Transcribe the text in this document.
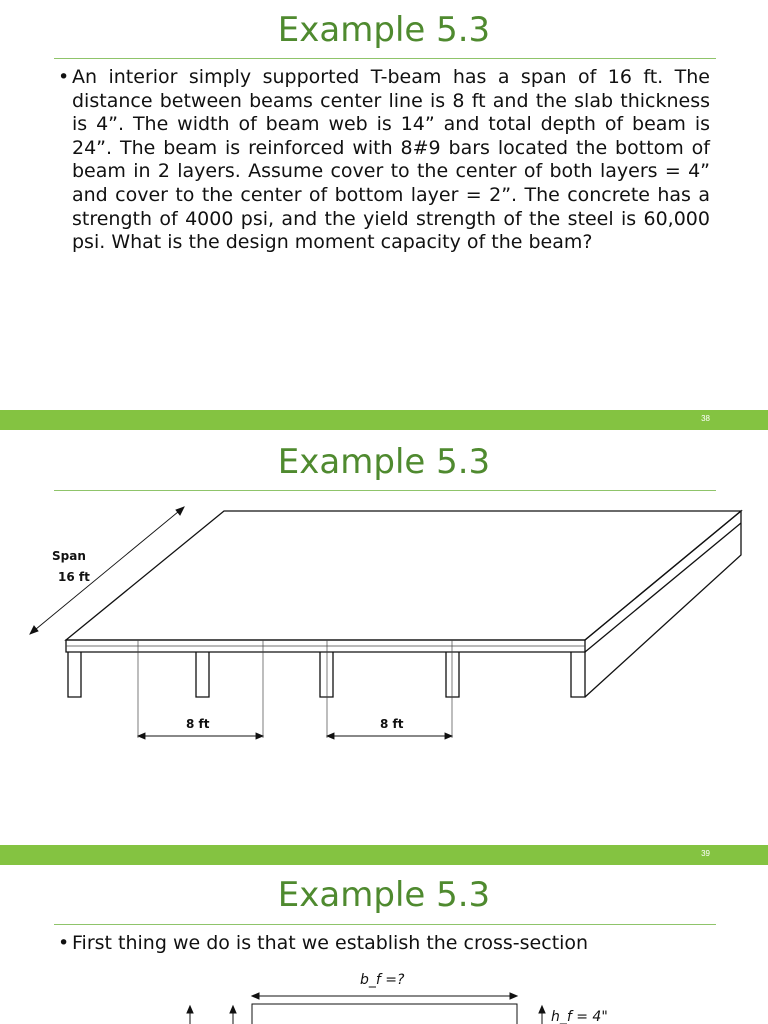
Example 5.3
• An interior simply supported T-beam has a span of 16 ft. The distance between beams center line is 8 ft and the slab thickness is 4”. The width of beam web is 14” and total depth of beam is 24”. The beam is reinforced with 8#9 bars located the bottom of beam in 2 layers. Assume cover to the center of both layers = 4” and cover to the center of bottom layer = 2”. The concrete has a strength of 4000 psi, and the yield strength of the steel is 60,000 psi. What is the design moment capacity of the beam?
38
Example 5.3
Span
16 ft
8 ft	8 ft
39
Example 5.3
• First thing we do is that we establish the cross-section
b_f =?
h_f = 4"
